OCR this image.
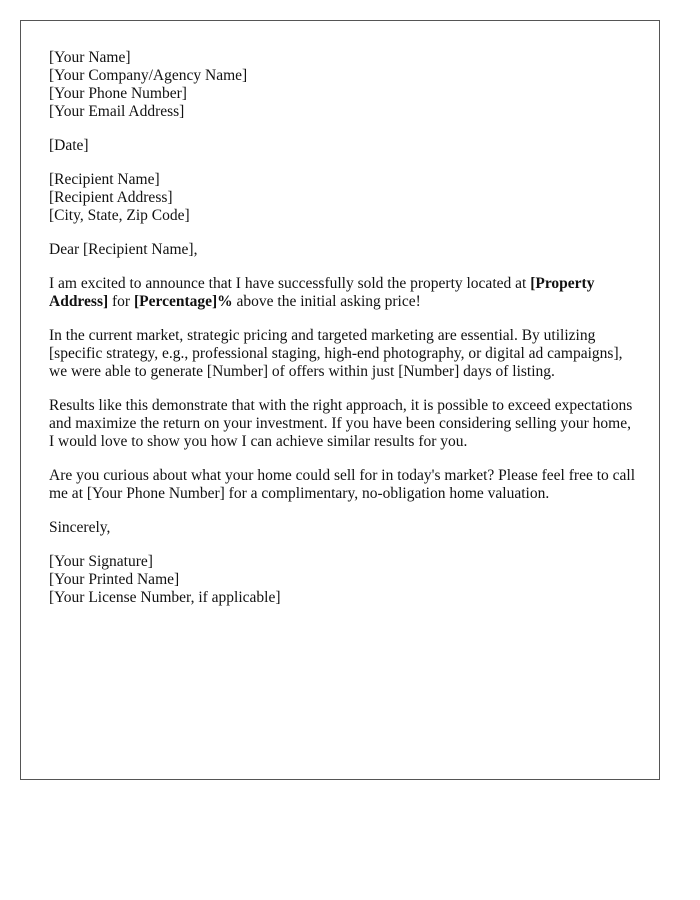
[Your Name]
[Your Company/Agency Name]
[Your Phone Number]
[Your Email Address]
[Date]
[Recipient Name]
[Recipient Address]
[City, State, Zip Code]

Dear [Recipient Name],

I am excited to announce that I have successfully sold the property located at [Property Address] for [Percentage]% above the initial asking price!

In the current market, strategic pricing and targeted marketing are essential. By utilizing [specific strategy, e.g., professional staging, high-end photography, or digital ad campaigns], we were able to generate [Number] of offers within just [Number] days of listing.

Results like this demonstrate that with the right approach, it is possible to exceed expectations and maximize the return on your investment. If you have been considering selling your home, I would love to show you how I can achieve similar results for you.

Are you curious about what your home could sell for in today's market? Please feel free to call me at [Your Phone Number] for a complimentary, no-obligation home valuation.

Sincerely,

[Your Signature]
[Your Printed Name]
[Your License Number, if applicable]
